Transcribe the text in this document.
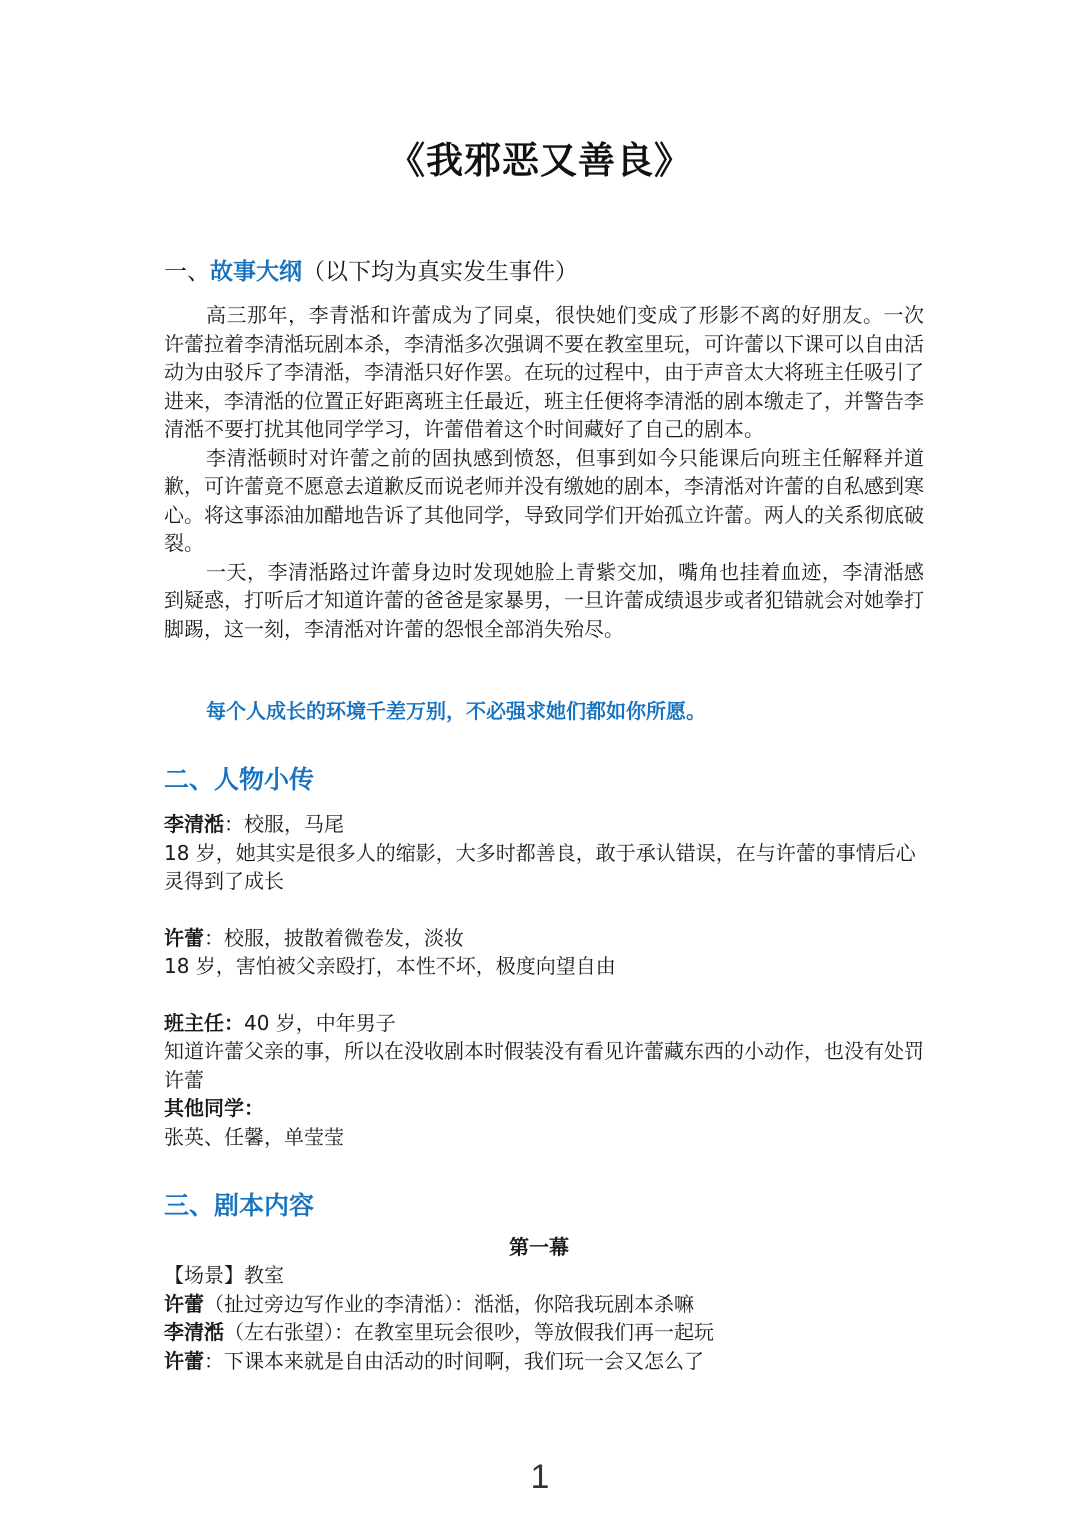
《我邪恶又善良》
一、故事大纲（以下均为真实发生事件）

高三那年，李青湉和许蕾成为了同桌，很快她们变成了形影不离的好朋友。一次许蕾拉着李清湉玩剧本杀，李清湉多次强调不要在教室里玩，可许蕾以下课可以自由活动为由驳斥了李清湉，李清湉只好作罢。在玩的过程中，由于声音太大将班主任吸引了进来，李清湉的位置正好距离班主任最近，班主任便将李清湉的剧本缴走了，并警告李清湉不要打扰其他同学学习，许蕾借着这个时间藏好了自己的剧本。

李清湉顿时对许蕾之前的固执感到愤怒，但事到如今只能课后向班主任解释并道歉，可许蕾竟不愿意去道歉反而说老师并没有缴她的剧本，李清湉对许蕾的自私感到寒心。将这事添油加醋地告诉了其他同学，导致同学们开始孤立许蕾。两人的关系彻底破裂。

一天，李清湉路过许蕾身边时发现她脸上青紫交加，嘴角也挂着血迹，李清湉感到疑惑，打听后才知道许蕾的爸爸是家暴男，一旦许蕾成绩退步或者犯错就会对她拳打脚踢，这一刻，李清湉对许蕾的怨恨全部消失殆尽。

每个人成长的环境千差万别，不必强求她们都如你所愿。
二、人物小传

李清湉：校服，马尾

18 岁，她其实是很多人的缩影，大多时都善良，敢于承认错误，在与许蕾的事情后心灵得到了成长

许蕾：校服，披散着微卷发，淡妆

18 岁，害怕被父亲殴打，本性不坏，极度向望自由

班主任：40 岁，中年男子

知道许蕾父亲的事，所以在没收剧本时假装没有看见许蕾藏东西的小动作，也没有处罚许蕾

其他同学：

张英、任馨，单莹莹

三、剧本内容
第一幕

【场景】教室

许蕾（扯过旁边写作业的李清湉）：湉湉，你陪我玩剧本杀嘛

李清湉（左右张望）：在教室里玩会很吵，等放假我们再一起玩

许蕾：下课本来就是自由活动的时间啊，我们玩一会又怎么了

1
